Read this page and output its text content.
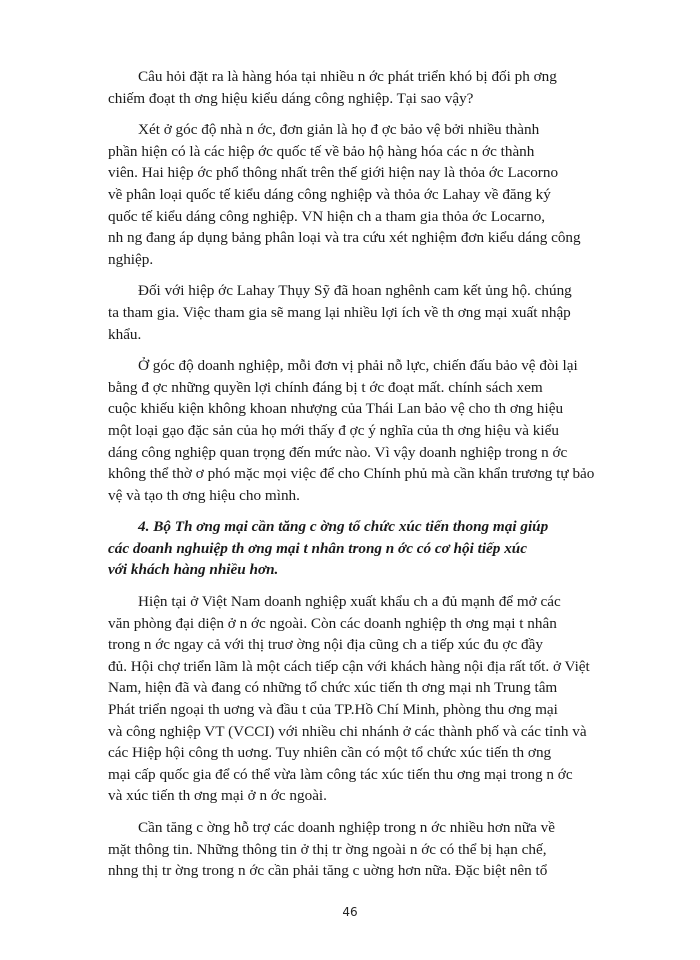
Câu hỏi đặt ra là hàng hóa tại nhiều n ớc phát triển khó bị đối ph ơng
chiếm đoạt th ơng hiệu kiểu dáng công nghiệp. Tại sao vậy?
Xét ở góc độ nhà n ớc, đơn giản là họ đ ợc bảo vệ bởi nhiều thành
phần hiện có là các hiệp ớc quốc tế về bảo hộ hàng hóa các n ớc thành
viên. Hai hiệp ớc phổ thông nhất trên thế giới hiện nay là thỏa ớc Lacorno
về phân loại quốc tế kiểu dáng công nghiệp và thỏa ớc Lahay về đăng ký
quốc tế kiểu dáng công nghiệp. VN hiện ch a tham gia thỏa ớc Locarno,
nh ng đang áp dụng bảng phân loại và tra cứu xét nghiệm đơn kiểu dáng công
nghiệp.
Đối với hiệp ớc Lahay Thụy Sỹ đã hoan nghênh cam kết ủng hộ. chúng
ta tham gia. Việc tham gia sẽ mang lại nhiều lợi ích về th ơng mại xuất nhập
khẩu.
Ở góc độ doanh nghiệp, mỗi đơn vị phải nỗ lực, chiến đấu bảo vệ đòi lại
bằng đ ợc những quyền lợi chính đáng bị t ớc đoạt mất. chính sách xem
cuộc khiếu kiện không khoan nhượng của Thái Lan bảo vệ cho th ơng hiệu
một loại gạo đặc sản của họ mới thấy đ ợc ý nghĩa của th ơng hiệu và kiểu
dáng công nghiệp quan trọng đến mức nào. Vì vậy doanh nghiệp trong n ớc
không thể thờ ơ phó mặc mọi việc để cho Chính phủ mà cần khẩn trương tự bảo
vệ và tạo th ơng hiệu cho mình.
4. Bộ Th ơng mại cần tăng c ờng tổ chức xúc tiến thong mại giúp
các doanh nghuiệp th ơng mại t nhân trong n ớc có cơ hội tiếp xúc
với khách hàng nhiều hơn.
Hiện tại ở Việt Nam doanh nghiệp xuất khẩu ch a đủ mạnh để mở các
văn phòng đại diện ở n ớc ngoài. Còn các doanh nghiệp th ơng mại t nhân
trong n ớc ngay cả với thị truơ ờng nội địa cũng ch a tiếp xúc đu ợc đầy
đủ. Hội chợ triển lãm là một cách tiếp cận với khách hàng nội địa rất tốt. ở Việt
Nam, hiện đã và đang có những tổ chức xúc tiến th ơng mại nh Trung tâm
Phát triển ngoại th uơng và đầu t của TP.Hồ Chí Minh, phòng thu ơng mại
và công nghiệp VT (VCCI) với nhiều chi nhánh ở các thành phố và các tỉnh và
các Hiệp hội công th uơng. Tuy nhiên cần có một tổ chức xúc tiến th ơng
mại cấp quốc gia để có thể vừa làm công tác xúc tiến thu ơng mại trong n ớc
và xúc tiến th ơng mại ở n ớc ngoài.
Cần tăng c ờng hỗ trợ các doanh nghiệp trong n ớc nhiều hơn nữa về
mặt thông tin. Những thông tin ở thị tr ờng ngoài n ớc có thể bị hạn chế,
nhng thị tr ờng trong n ớc cần phải tăng c uờng hơn nữa. Đặc biệt nên tổ
46
